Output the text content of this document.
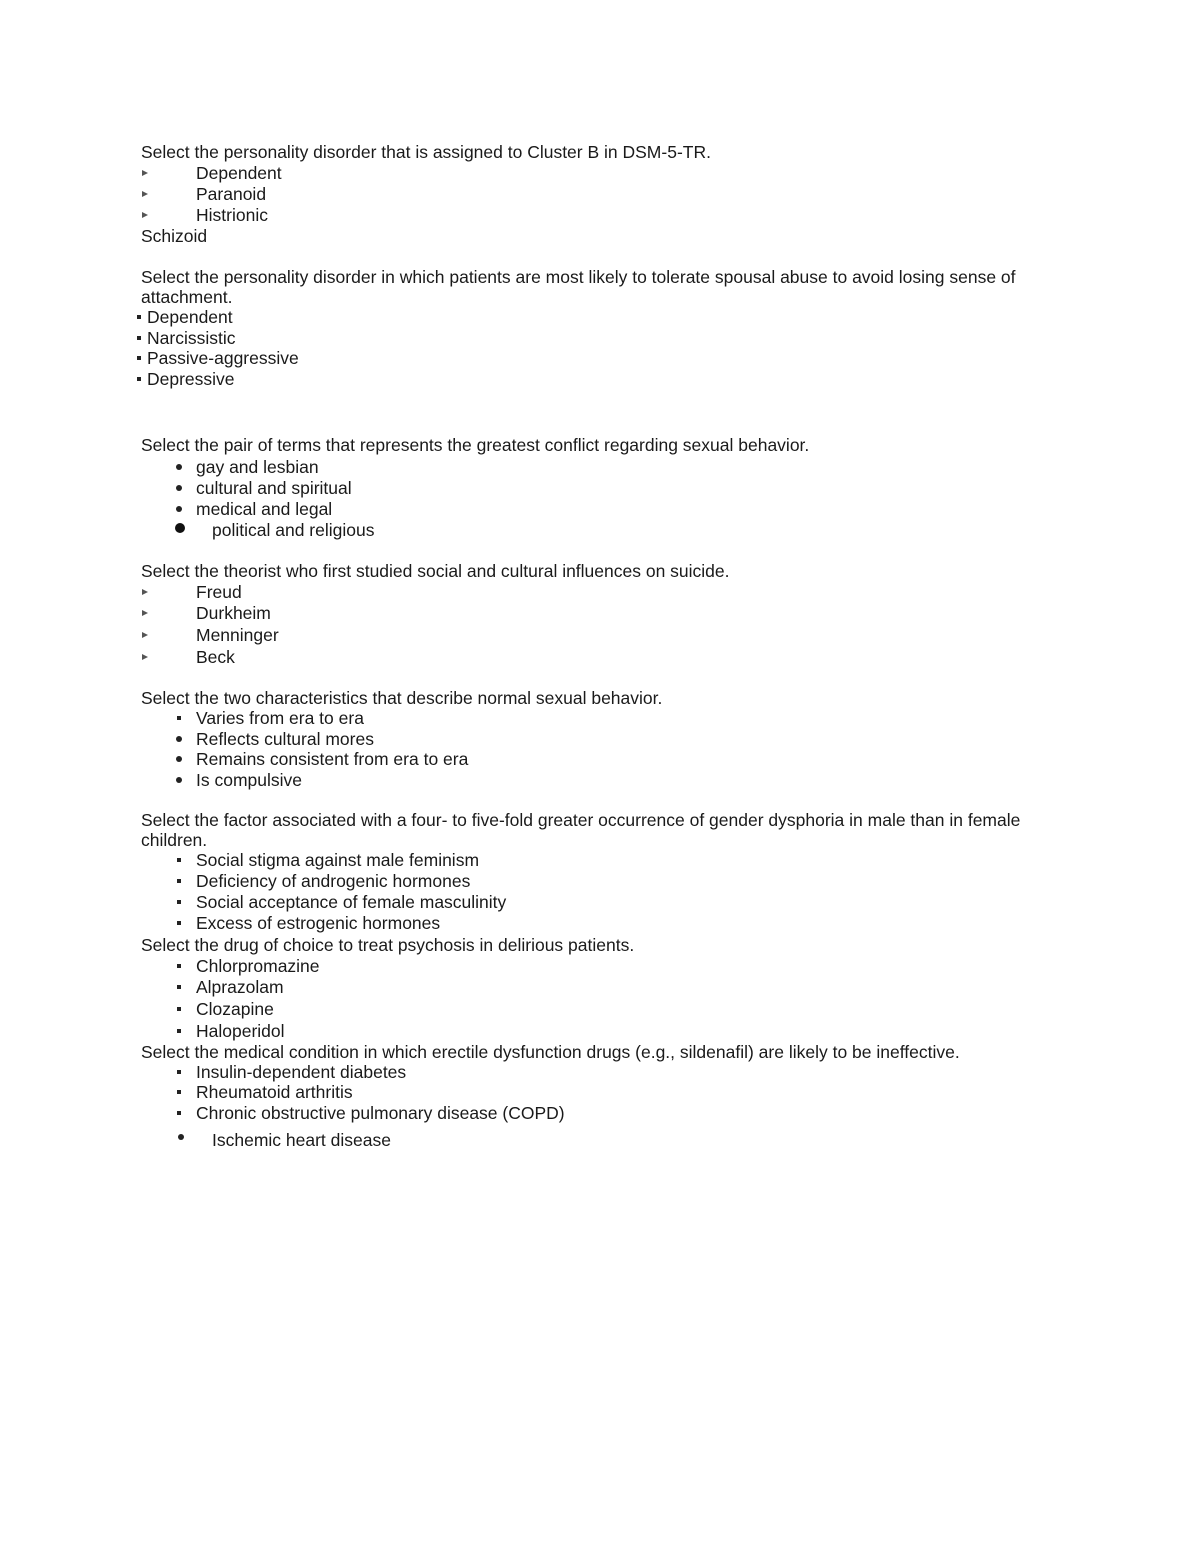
Select the personality disorder that is assigned to Cluster B in DSM-5-TR.
Dependent
Paranoid
Histrionic
Schizoid
Select the personality disorder in which patients are most likely to tolerate spousal abuse to avoid losing sense of
attachment.
Dependent
Narcissistic
Passive-aggressive
Depressive
Select the pair of terms that represents the greatest conflict regarding sexual behavior.
gay and lesbian
cultural and spiritual
medical and legal
political and religious
Select the theorist who first studied social and cultural influences on suicide.
Freud
Durkheim
Menninger
Beck
Select the two characteristics that describe normal sexual behavior.
Varies from era to era
Reflects cultural mores
Remains consistent from era to era
Is compulsive
Select the factor associated with a four- to five-fold greater occurrence of gender dysphoria in male than in female
children.
Social stigma against male feminism
Deficiency of androgenic hormones
Social acceptance of female masculinity
Excess of estrogenic hormones
Select the drug of choice to treat psychosis in delirious patients.
Chlorpromazine
Alprazolam
Clozapine
Haloperidol
Select the medical condition in which erectile dysfunction drugs (e.g., sildenafil) are likely to be ineffective.
Insulin-dependent diabetes
Rheumatoid arthritis
Chronic obstructive pulmonary disease (COPD)
Ischemic heart disease
